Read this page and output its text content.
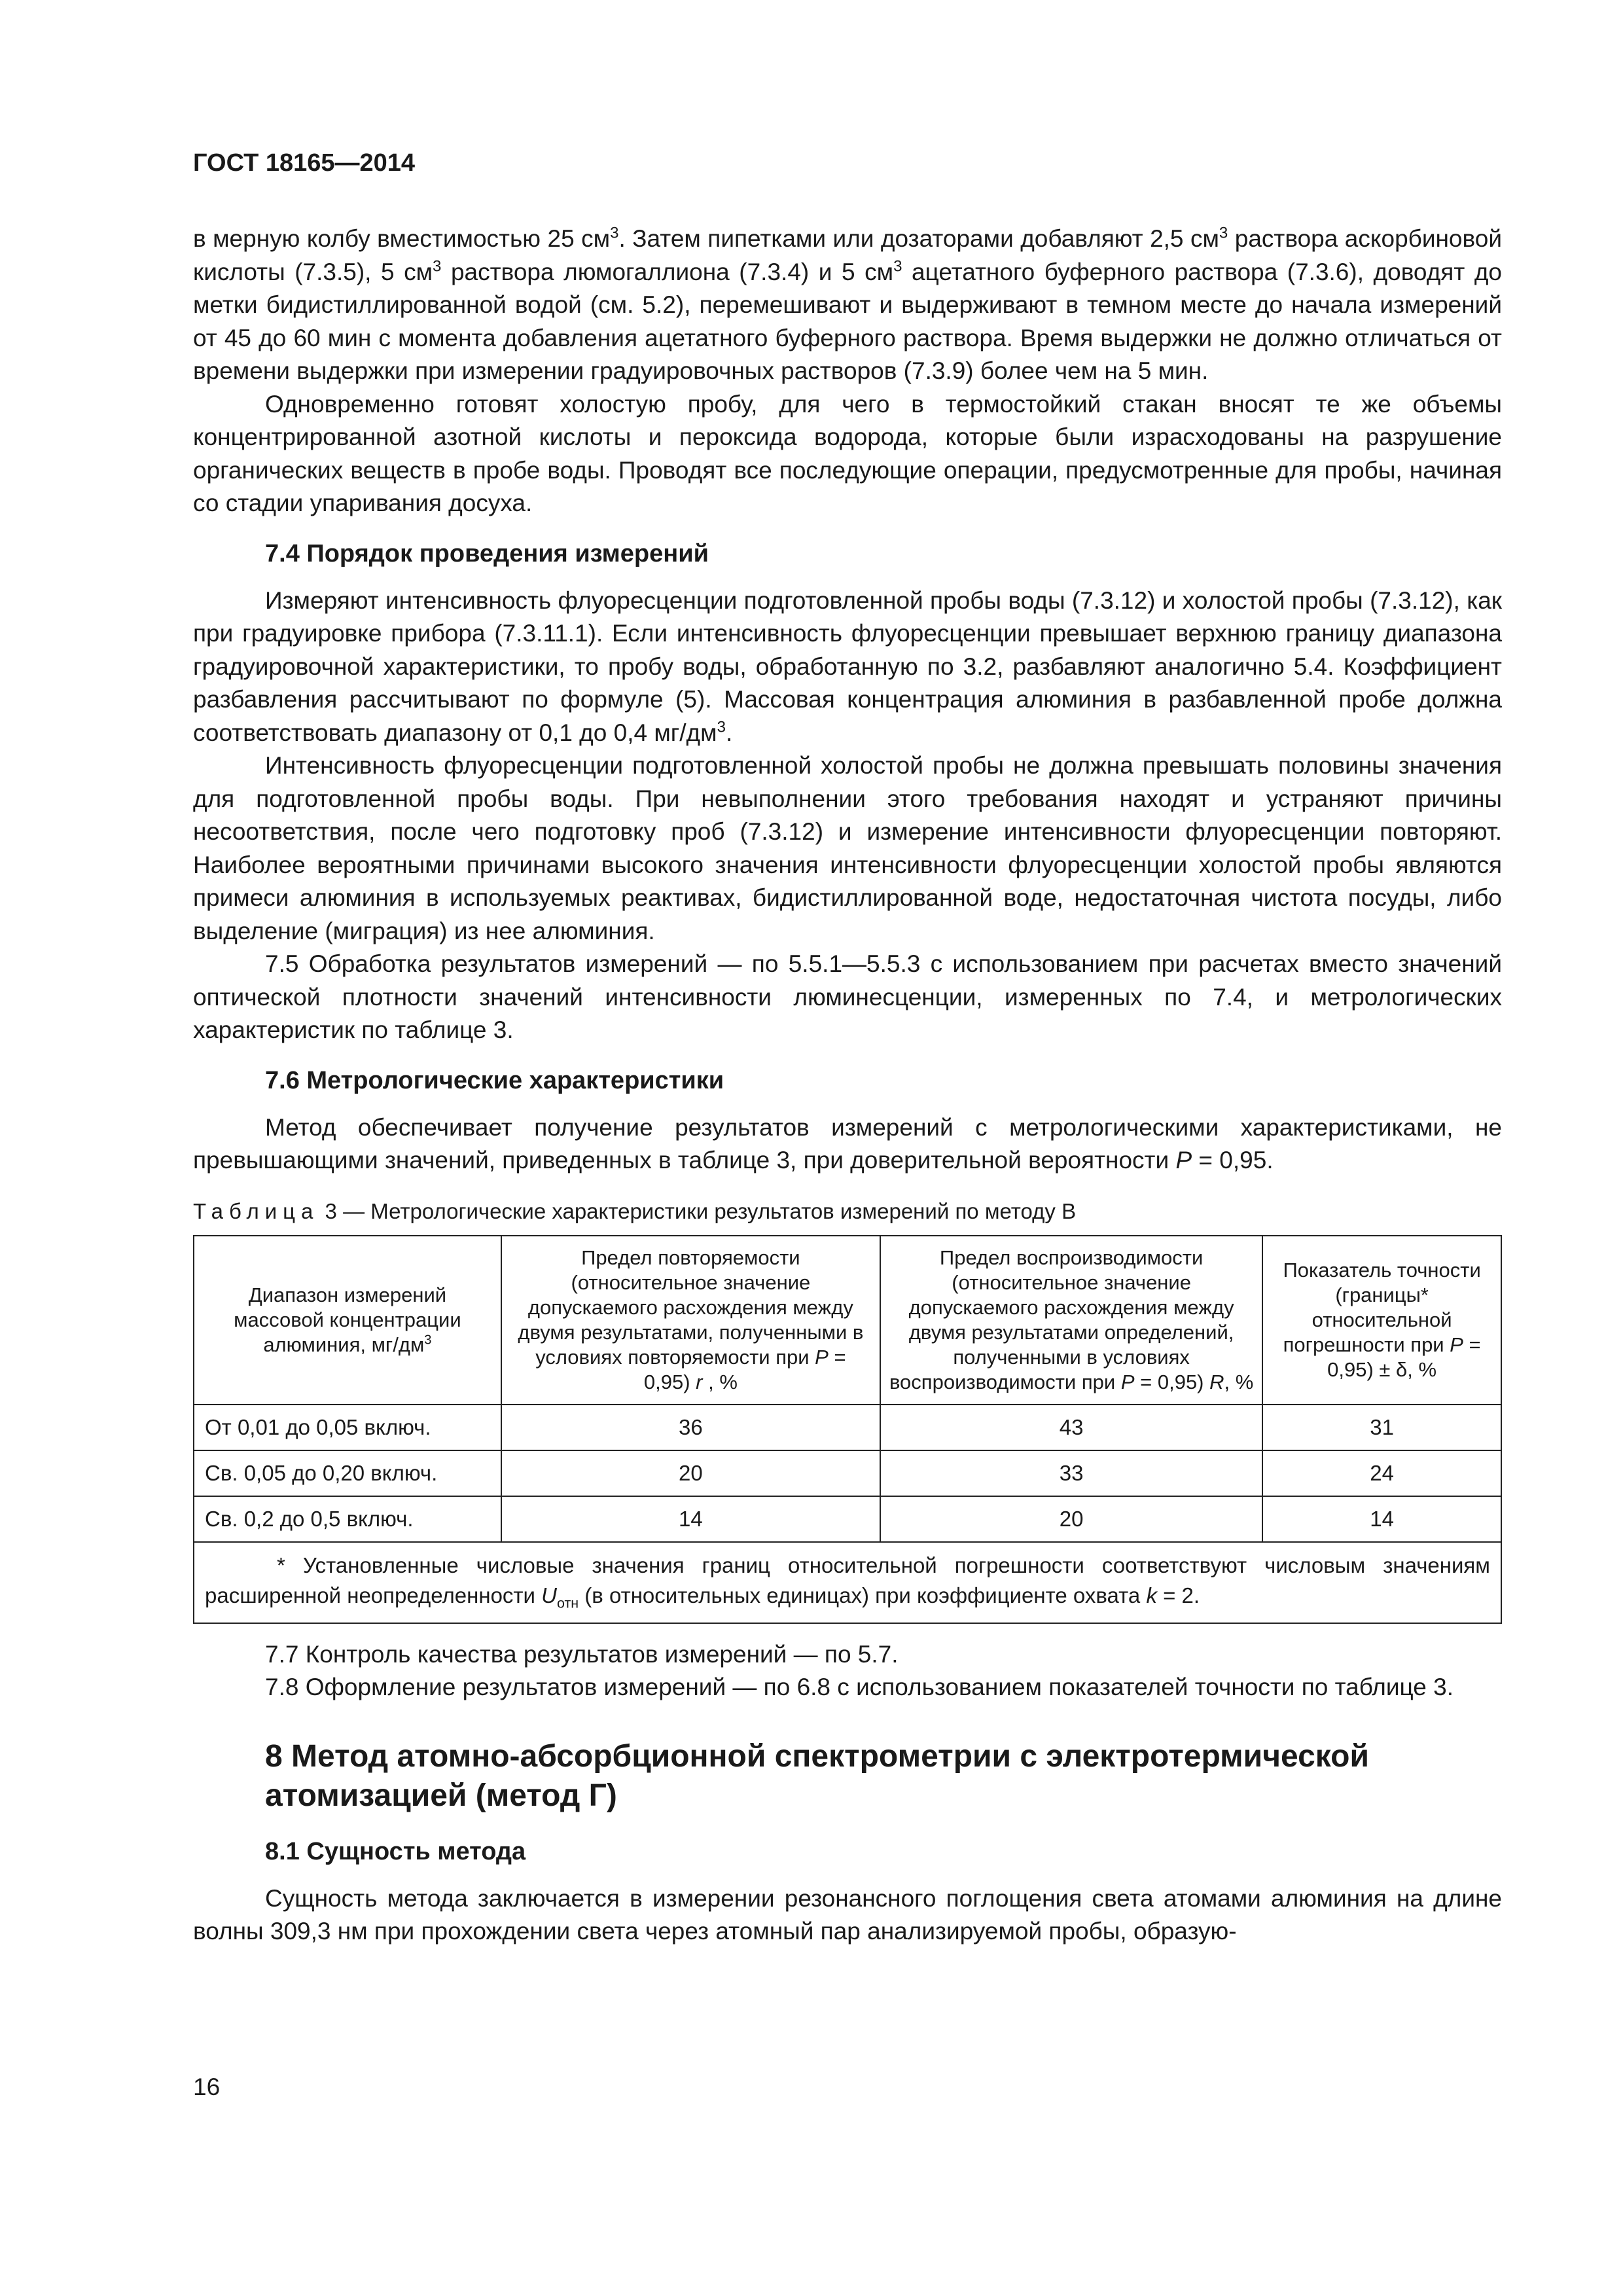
ГОСТ 18165—2014

в мерную колбу вместимостью 25 $см^3$. Затем пипетками или дозаторами добавляют 2,5 $см^3$ раствора аскорбиновой кислоты (7.3.5), 5 $см^3$ раствора люмогаллиона (7.3.4) и 5 $см^3$ ацетатного буферного раствора (7.3.6), доводят до метки бидистиллированной водой (см. 5.2), перемешивают и выдерживают в темном месте до начала измерений от 45 до 60 мин с момента добавления ацетатного буферного раствора. Время выдержки не должно отличаться от времени выдержки при измерении градуировочных растворов (7.3.9) более чем на 5 мин.

Одновременно готовят холостую пробу, для чего в термостойкий стакан вносят те же объемы концентрированной азотной кислоты и пероксида водорода, которые были израсходованы на разрушение органических веществ в пробе воды. Проводят все последующие операции, предусмотренные для пробы, начиная со стадии упаривания досуха.

7.4 Порядок проведения измерений

Измеряют интенсивность флуоресценции подготовленной пробы воды (7.3.12) и холостой пробы (7.3.12), как при градуировке прибора (7.3.11.1). Если интенсивность флуоресценции превышает верхнюю границу диапазона градуировочной характеристики, то пробу воды, обработанную по 3.2, разбавляют аналогично 5.4. Коэффициент разбавления рассчитывают по формуле (5). Массовая концентрация алюминия в разбавленной пробе должна соответствовать диапазону от 0,1 до 0,4 $мг/дм^3$.

Интенсивность флуоресценции подготовленной холостой пробы не должна превышать половины значения для подготовленной пробы воды. При невыполнении этого требования находят и устраняют причины несоответствия, после чего подготовку проб (7.3.12) и измерение интенсивности флуоресценции повторяют. Наиболее вероятными причинами высокого значения интенсивности флуоресценции холостой пробы являются примеси алюминия в используемых реактивах, бидистиллированной воде, недостаточная чистота посуды, либо выделение (миграция) из нее алюминия.

7.5 Обработка результатов измерений — по 5.5.1—5.5.3 с использованием при расчетах вместо значений оптической плотности значений интенсивности люминесценции, измеренных по 7.4, и метрологических характеристик по таблице 3.

7.6 Метрологические характеристики

Метод обеспечивает получение результатов измерений с метрологическими характеристиками, не превышающими значений, приведенных в таблице 3, при доверительной вероятности P = 0,95.

Таблица 3 — Метрологические характеристики результатов измерений по методу В
Диапазон измерений массовой концентрации алюминия, $мг/дм^3$	Предел повторяемости (относительное значение допускаемого расхождения между двумя результатами, полученными в условиях повторяемости при P = 0,95) r , %	Предел воспроизводимости (относительное значение допускаемого расхождения между двумя результатами определений, полученными в условиях воспроизводимости при P = 0,95) R, %	Показатель точности (границы* относительной погрешности при P = 0,95) ± δ, %
От 0,01 до 0,05 включ.	36	43	31
Св. 0,05 до 0,20 включ.	20	33	24
Св. 0,2 до 0,5 включ.	14	20	14
* Установленные числовые значения границ относительной погрешности соответствуют числовым значениям расширенной неопределенности $U_{отн}$ (в относительных единицах) при коэффициенте охвата k = 2.			

7.7 Контроль качества результатов измерений — по 5.7.

7.8 Оформление результатов измерений — по 6.8 с использованием показателей точности по таблице 3.

8 Метод атомно-абсорбционной спектрометрии с электротермической атомизацией (метод Г)
8.1 Сущность метода

Сущность метода заключается в измерении резонансного поглощения света атомами алюминия на длине волны 309,3 нм при прохождении света через атомный пар анализируемой пробы, образую-

16
